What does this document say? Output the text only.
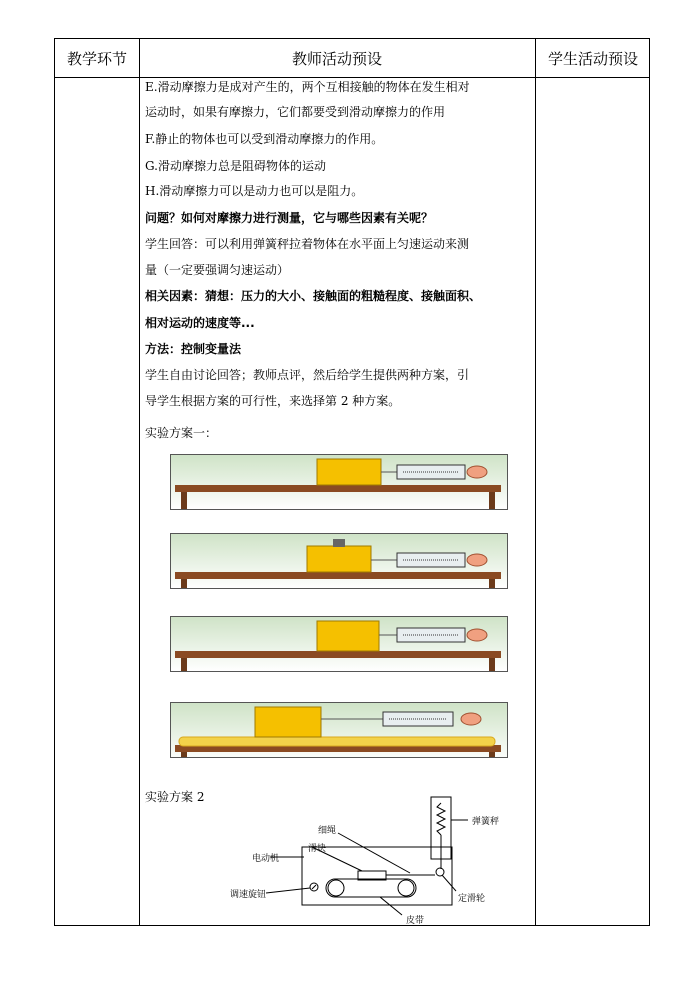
教学环节	教师活动预设	学生活动预设
E.滑动摩擦力是成对产生的，两个互相接触的物体在发生相对
运动时，如果有摩擦力，它们都要受到滑动摩擦力的作用
F.静止的物体也可以受到滑动摩擦力的作用。
G.滑动摩擦力总是阻碍物体的运动
H.滑动摩擦力可以是动力也可以是阻力。
问题？如何对摩擦力进行测量，它与哪些因素有关呢？
学生回答：可以利用弹簧秤拉着物体在水平面上匀速运动来测
量（一定要强调匀速运动）
相关因素：猜想：压力的大小、接触面的粗糙程度、接触面积、
相对运动的速度等...
方法：控制变量法
学生自由讨论回答；教师点评，然后给学生提供两种方案，引
导学生根据方案的可行性，来选择第 2 种方案。
实验方案一：
实验方案 2
弹簧秤
细绳
滑块
电动机
调速旋钮
皮带
定滑轮
